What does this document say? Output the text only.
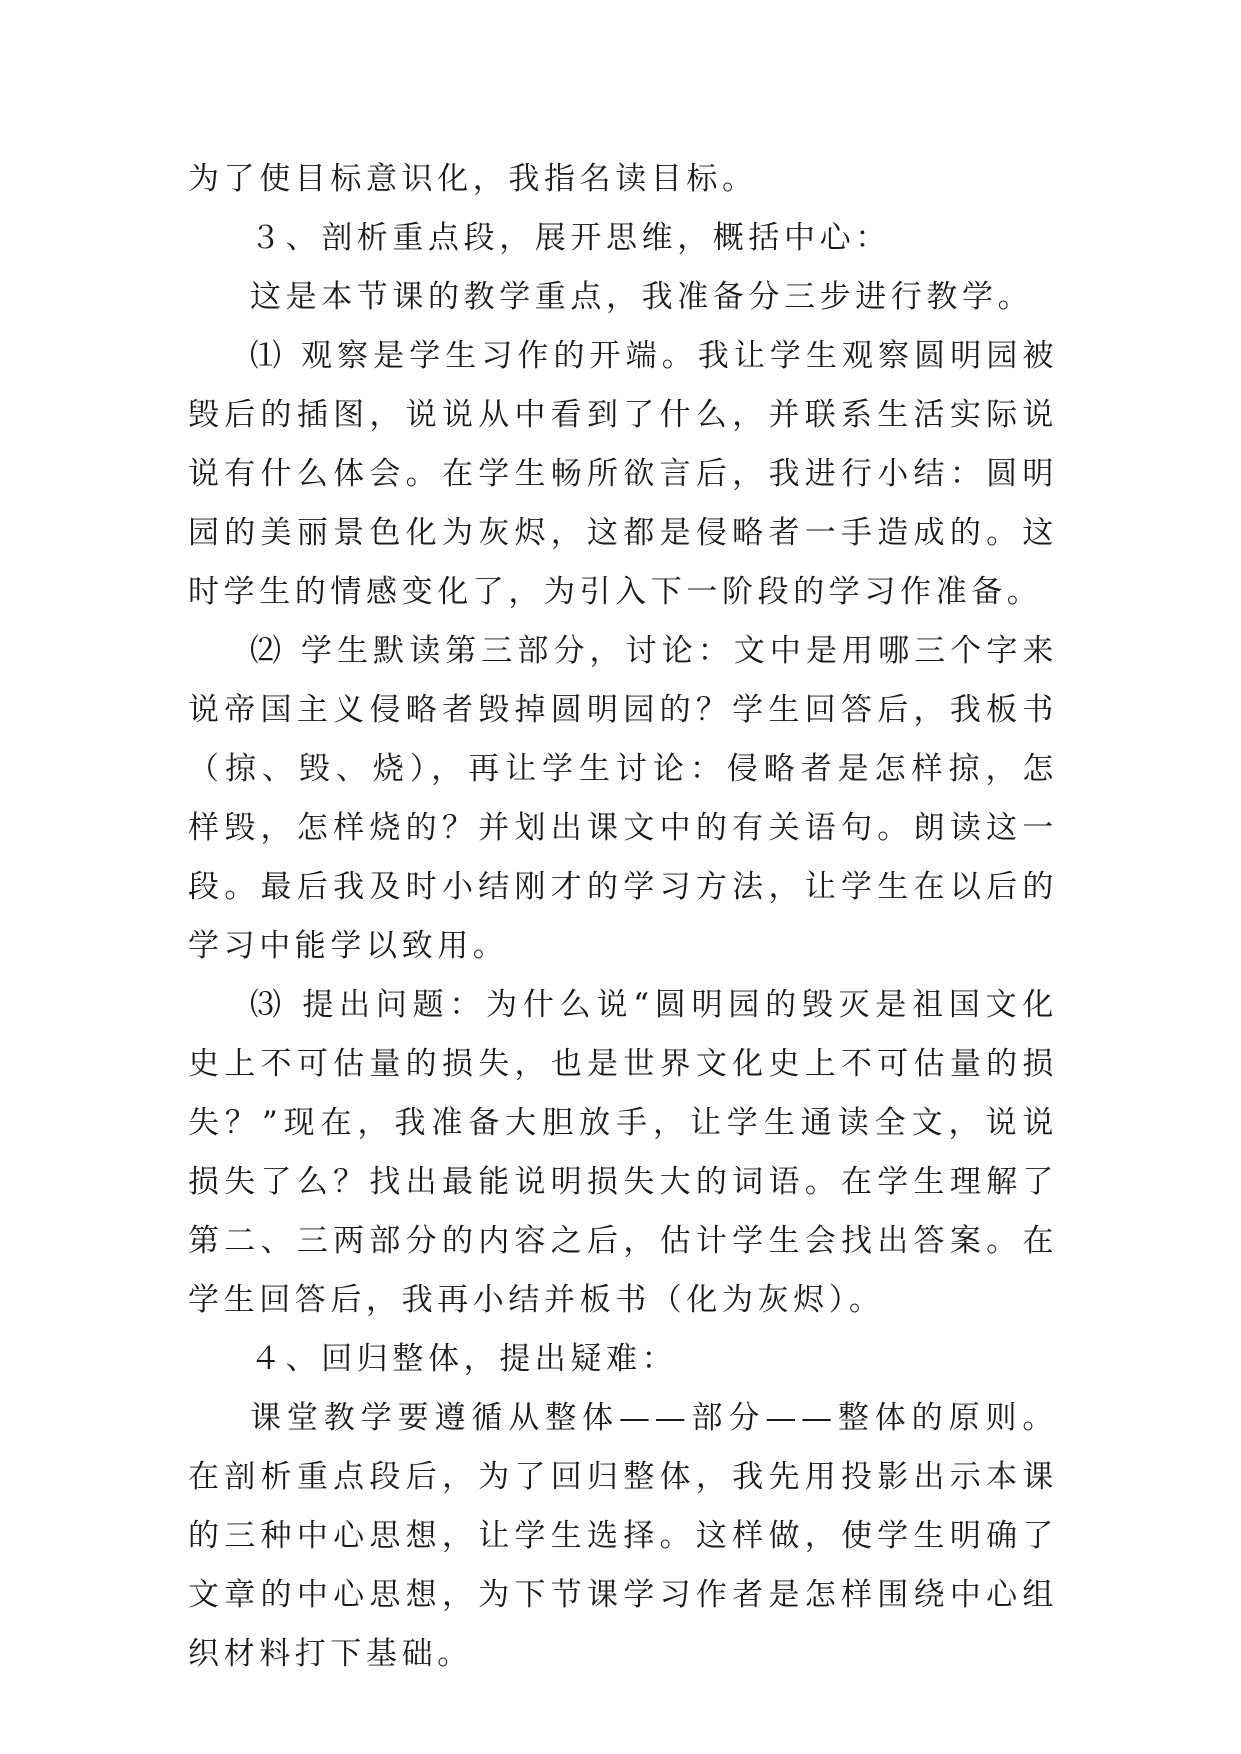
为了使目标意识化，我指名读目标。

３、剖析重点段，展开思维，概括中心：

这是本节课的教学重点，我准备分三步进行教学。

⑴ 观察是学生习作的开端。我让学生观察圆明园被毁后的插图，说说从中看到了什么，并联系生活实际说说有什么体会。在学生畅所欲言后，我进行小结：圆明园的美丽景色化为灰烬，这都是侵略者一手造成的。这时学生的情感变化了，为引入下一阶段的学习作准备。

⑵ 学生默读第三部分，讨论：文中是用哪三个字来说帝国主义侵略者毁掉圆明园的？学生回答后，我板书（掠、毁、烧），再让学生讨论：侵略者是怎样掠，怎样毁，怎样烧的？并划出课文中的有关语句。朗读这一段。最后我及时小结刚才的学习方法，让学生在以后的学习中能学以致用。

⑶ 提出问题：为什么说“圆明园的毁灭是祖国文化史上不可估量的损失，也是世界文化史上不可估量的损失？”现在，我准备大胆放手，让学生通读全文，说说损失了么？找出最能说明损失大的词语。在学生理解了第二、三两部分的内容之后，估计学生会找出答案。在学生回答后，我再小结并板书（化为灰烬）。

４、回归整体，提出疑难：

课堂教学要遵循从整体——部分——整体的原则。在剖析重点段后，为了回归整体，我先用投影出示本课的三种中心思想，让学生选择。这样做，使学生明确了文章的中心思想，为下节课学习作者是怎样围绕中心组织材料打下基础。
